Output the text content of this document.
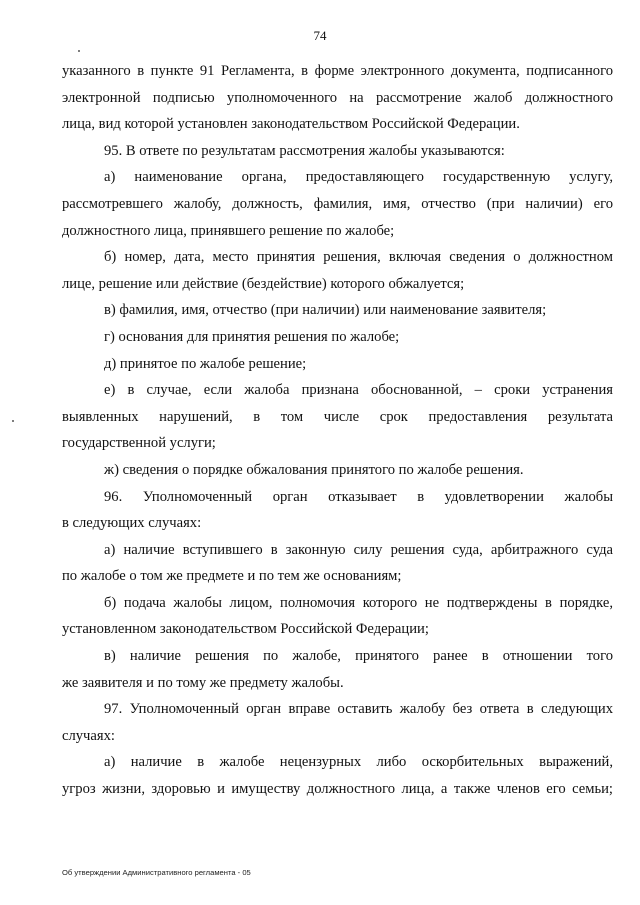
74
указанного в пункте 91 Регламента, в форме электронного документа, подписанного
электронной подписью уполномоченного на рассмотрение жалоб должностного
лица, вид которой установлен законодательством Российской Федерации.
95. В ответе по результатам рассмотрения жалобы указываются:
а) наименование органа, предоставляющего государственную услугу,
рассмотревшего жалобу, должность, фамилия, имя, отчество (при наличии) его
должностного лица, принявшего решение по жалобе;
б) номер, дата, место принятия решения, включая сведения о должностном
лице, решение или действие (бездействие) которого обжалуется;
в) фамилия, имя, отчество (при наличии) или наименование заявителя;
г) основания для принятия решения по жалобе;
д) принятое по жалобе решение;
е) в случае, если жалоба признана обоснованной, – сроки устранения
выявленных нарушений, в том числе срок предоставления результата
государственной услуги;
ж) сведения о порядке обжалования принятого по жалобе решения.
96. Уполномоченный орган отказывает в удовлетворении жалобы
в следующих случаях:
а) наличие вступившего в законную силу решения суда, арбитражного суда
по жалобе о том же предмете и по тем же основаниям;
б) подача жалобы лицом, полномочия которого не подтверждены в порядке,
установленном законодательством Российской Федерации;
в) наличие решения по жалобе, принятого ранее в отношении того
же заявителя и по тому же предмету жалобы.
97. Уполномоченный орган вправе оставить жалобу без ответа в следующих
случаях:
а) наличие в жалобе нецензурных либо оскорбительных выражений,
угроз жизни, здоровью и имуществу должностного лица, а также членов его семьи;
Об утверждении Административного регламента - 05
